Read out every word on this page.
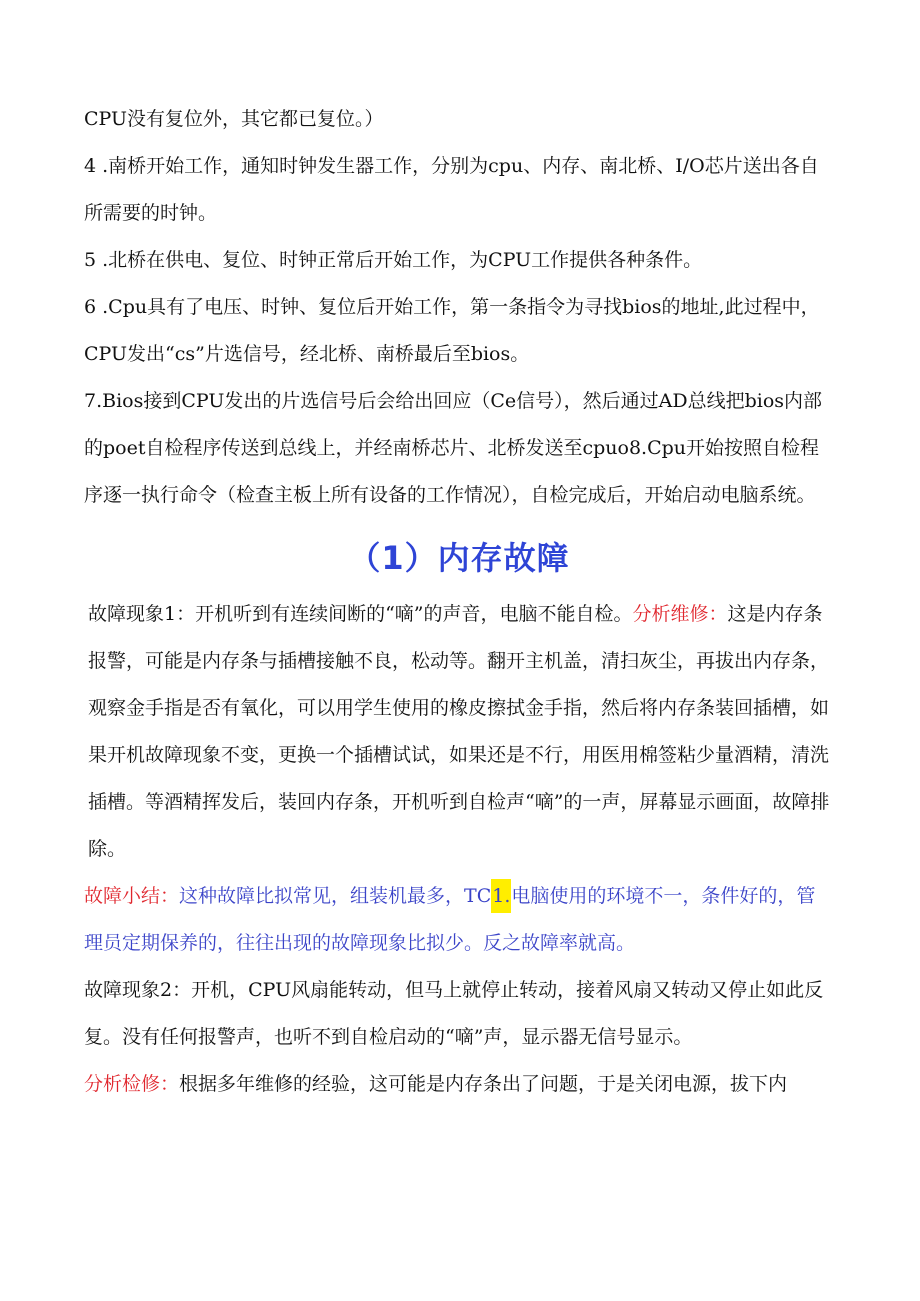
CPU没有复位外，其它都已复位。）

4 .南桥开始工作，通知时钟发生器工作，分别为cpu、内存、南北桥、I/O芯片送出各自所需要的时钟。

5 .北桥在供电、复位、时钟正常后开始工作，为CPU工作提供各种条件。

6 .Cpu具有了电压、时钟、复位后开始工作，第一条指令为寻找bios的地址,此过程中，CPU发出“cs”片选信号，经北桥、南桥最后至bios。

7.Bios接到CPU发出的片选信号后会给出回应（Ce信号），然后通过AD总线把bios内部的poet自检程序传送到总线上，并经南桥芯片、北桥发送至cpuo8.Cpu开始按照自检程序逐一执行命令（检查主板上所有设备的工作情况），自检完成后，开始启动电脑系统。

（1）内存故障

故障现象1：开机听到有连续间断的“嘀”的声音，电脑不能自检。分析维修：这是内存条报警，可能是内存条与插槽接触不良，松动等。翻开主机盖，清扫灰尘，再拔出内存条，观察金手指是否有氧化，可以用学生使用的橡皮擦拭金手指，然后将内存条装回插槽，如果开机故障现象不变，更换一个插槽试试，如果还是不行，用医用棉签粘少量酒精，清洗插槽。等酒精挥发后，装回内存条，开机听到自检声“嘀”的一声，屏幕显示画面，故障排除。

故障小结：这种故障比拟常见，组装机最多，TC1.电脑使用的环境不一，条件好的，管理员定期保养的，往往出现的故障现象比拟少。反之故障率就高。

故障现象2：开机，CPU风扇能转动，但马上就停止转动，接着风扇又转动又停止如此反复。没有任何报警声，也听不到自检启动的“嘀”声，显示器无信号显示。

分析检修：根据多年维修的经验，这可能是内存条出了问题，于是关闭电源，拔下内
